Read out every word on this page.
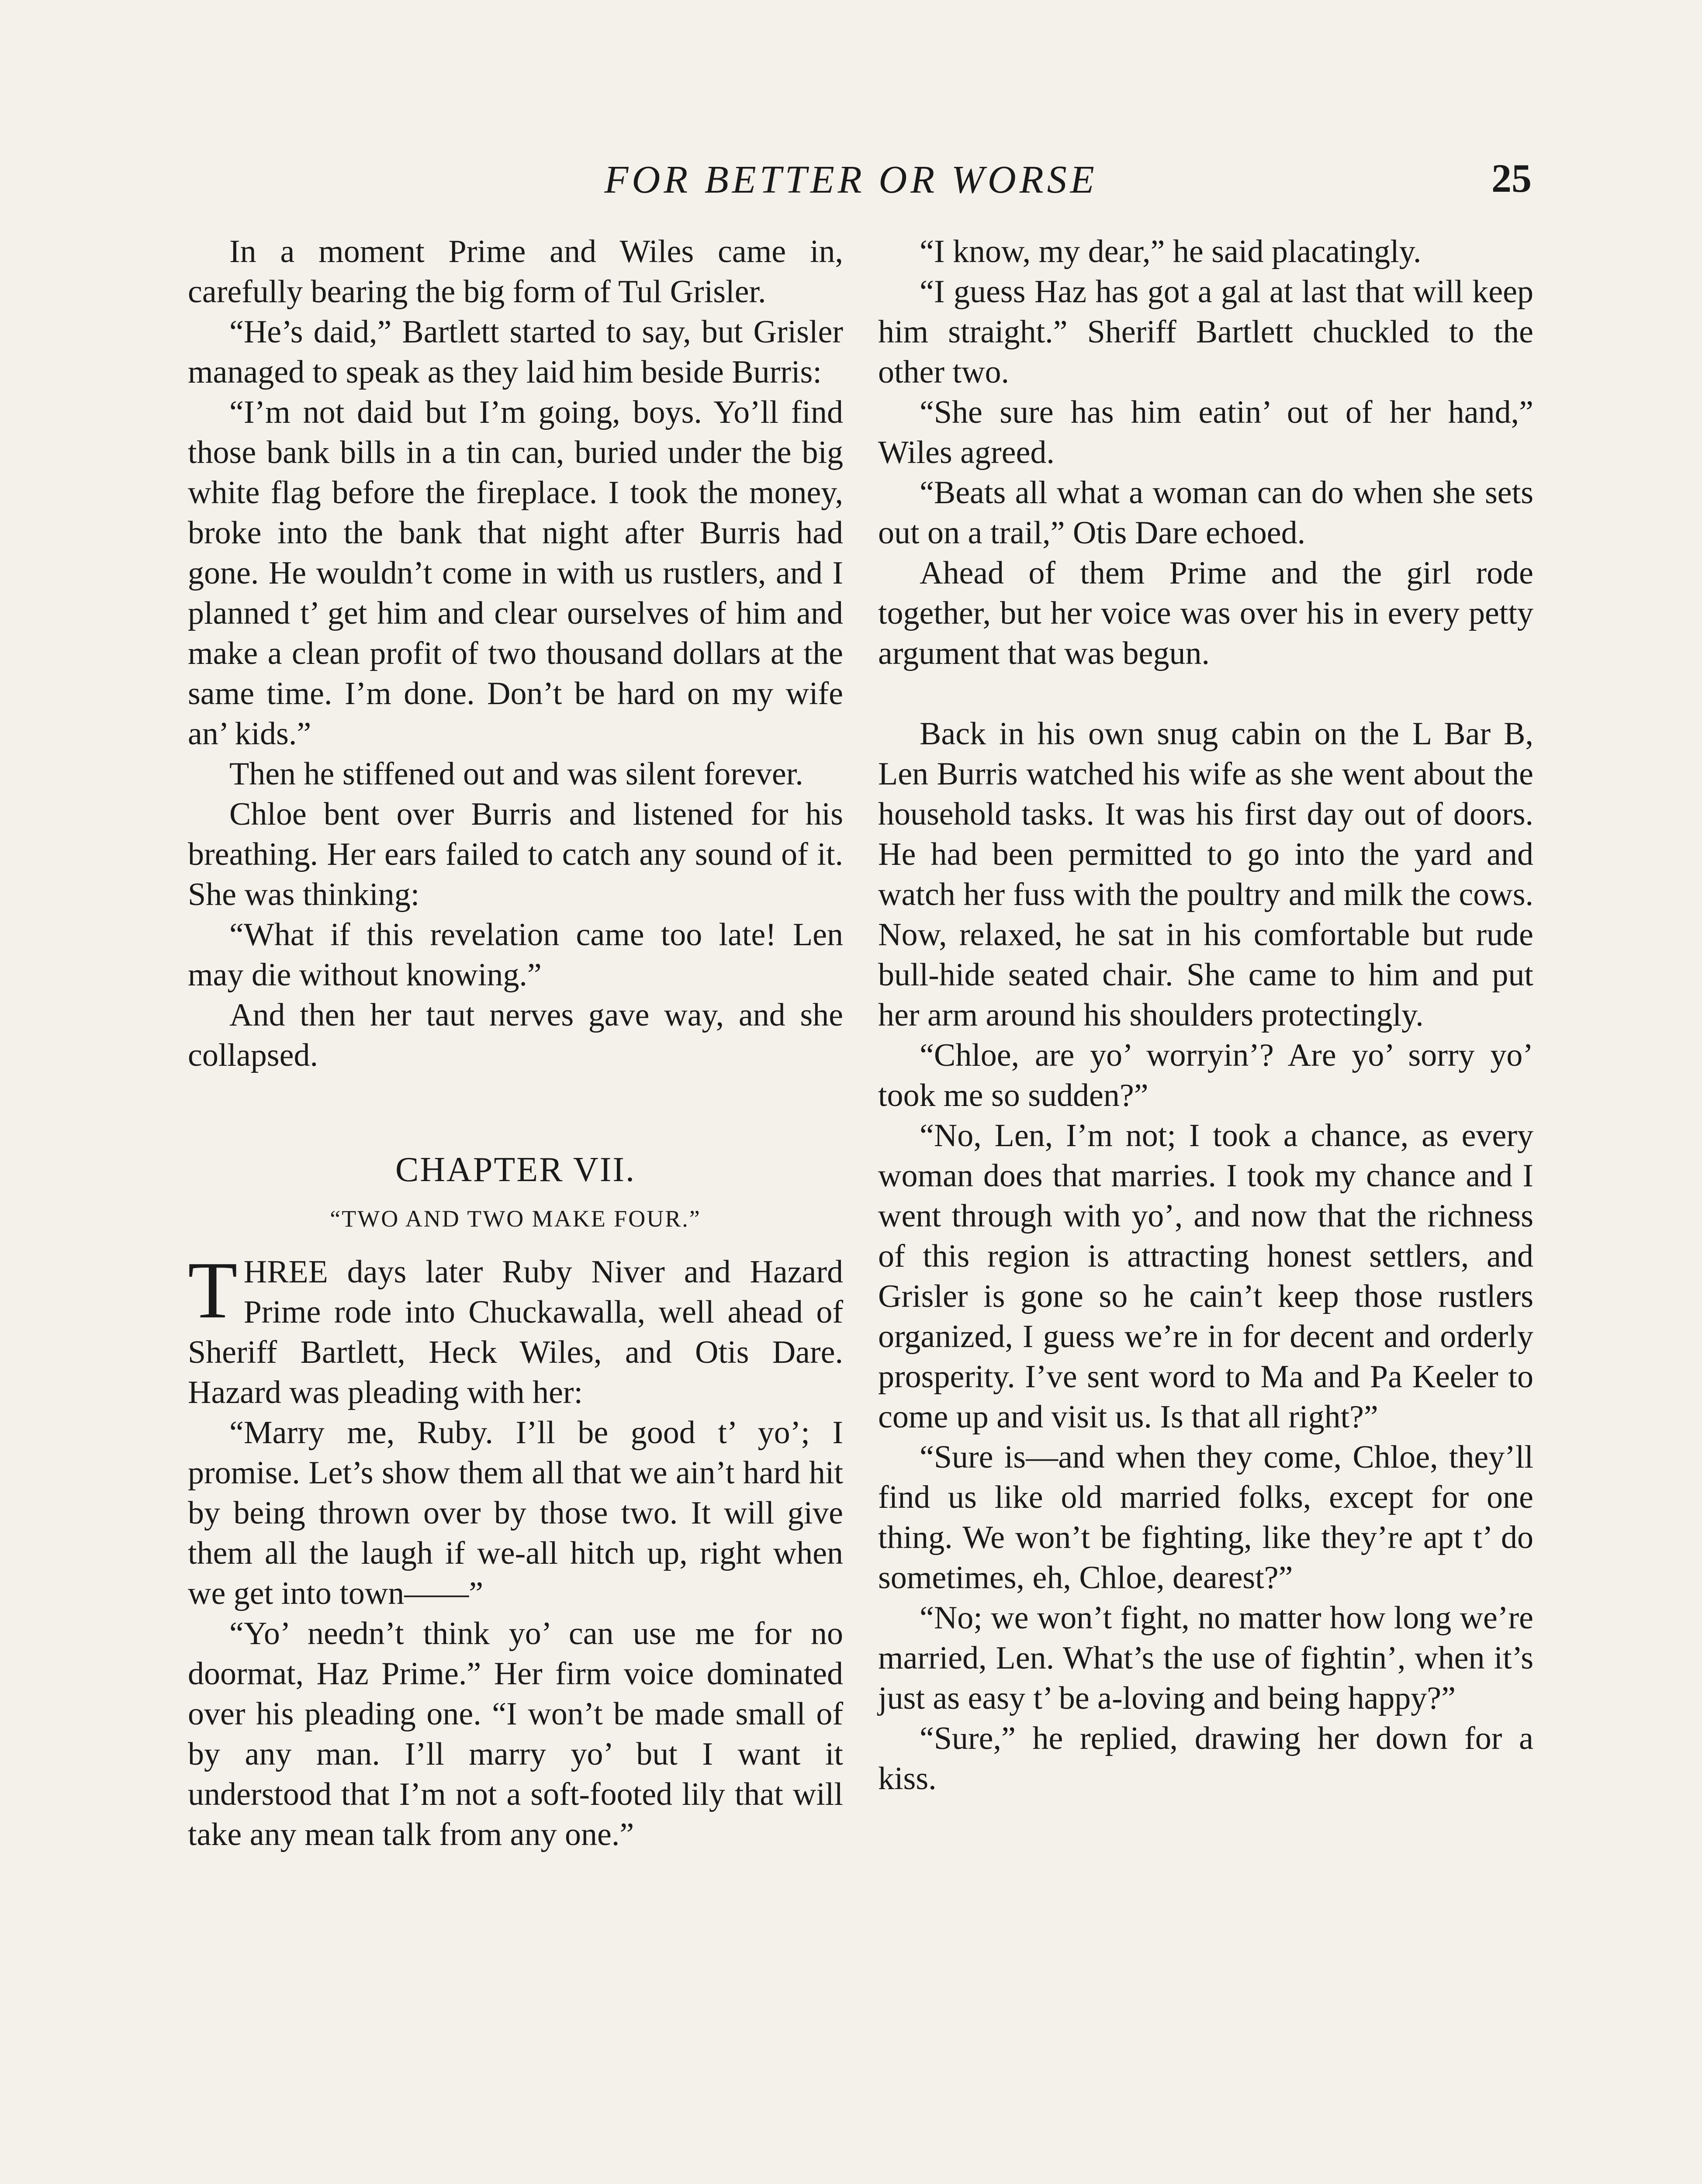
FOR BETTER OR WORSE	25

In a moment Prime and Wiles came in, carefully bearing the big form of Tul Grisler.

“He’s daid,” Bartlett started to say, but Grisler managed to speak as they laid him beside Burris:

“I’m not daid but I’m going, boys. Yo’ll find those bank bills in a tin can, buried under the big white flag before the fireplace. I took the money, broke into the bank that night after Burris had gone. He wouldn’t come in with us rustlers, and I planned t’ get him and clear ourselves of him and make a clean profit of two thousand dollars at the same time. I’m done. Don’t be hard on my wife an’ kids.”

Then he stiffened out and was silent forever.

Chloe bent over Burris and listened for his breathing. Her ears failed to catch any sound of it. She was thinking:

“What if this revelation came too late! Len may die without knowing.”

And then her taut nerves gave way, and she collapsed.

CHAPTER VII.
“TWO AND TWO MAKE FOUR.”

THREE days later Ruby Niver and Hazard Prime rode into Chuckawalla, well ahead of Sheriff Bartlett, Heck Wiles, and Otis Dare. Hazard was pleading with her:

“Marry me, Ruby. I’ll be good t’ yo’; I promise. Let’s show them all that we ain’t hard hit by being thrown over by those two. It will give them all the laugh if we-all hitch up, right when we get into town——”

“Yo’ needn’t think yo’ can use me for no doormat, Haz Prime.” Her firm voice dominated over his pleading one. “I won’t be made small of by any man. I’ll marry yo’ but I want it understood that I’m not a soft-footed lily that will take any mean talk from any one.”

“I know, my dear,” he said placatingly.

“I guess Haz has got a gal at last that will keep him straight.” Sheriff Bartlett chuckled to the other two.

“She sure has him eatin’ out of her hand,” Wiles agreed.

“Beats all what a woman can do when she sets out on a trail,” Otis Dare echoed.

Ahead of them Prime and the girl rode together, but her voice was over his in every petty argument that was begun.

Back in his own snug cabin on the L Bar B, Len Burris watched his wife as she went about the household tasks. It was his first day out of doors. He had been permitted to go into the yard and watch her fuss with the poultry and milk the cows. Now, relaxed, he sat in his comfortable but rude bull-hide seated chair. She came to him and put her arm around his shoulders protectingly.

“Chloe, are yo’ worryin’? Are yo’ sorry yo’ took me so sudden?”

“No, Len, I’m not; I took a chance, as every woman does that marries. I took my chance and I went through with yo’, and now that the richness of this region is attracting honest settlers, and Grisler is gone so he cain’t keep those rustlers organized, I guess we’re in for decent and orderly prosperity. I’ve sent word to Ma and Pa Keeler to come up and visit us. Is that all right?”

“Sure is—and when they come, Chloe, they’ll find us like old married folks, except for one thing. We won’t be fighting, like they’re apt t’ do sometimes, eh, Chloe, dearest?”

“No; we won’t fight, no matter how long we’re married, Len. What’s the use of fightin’, when it’s just as easy t’ be a-loving and being happy?”

“Sure,” he replied, drawing her down for a kiss.
